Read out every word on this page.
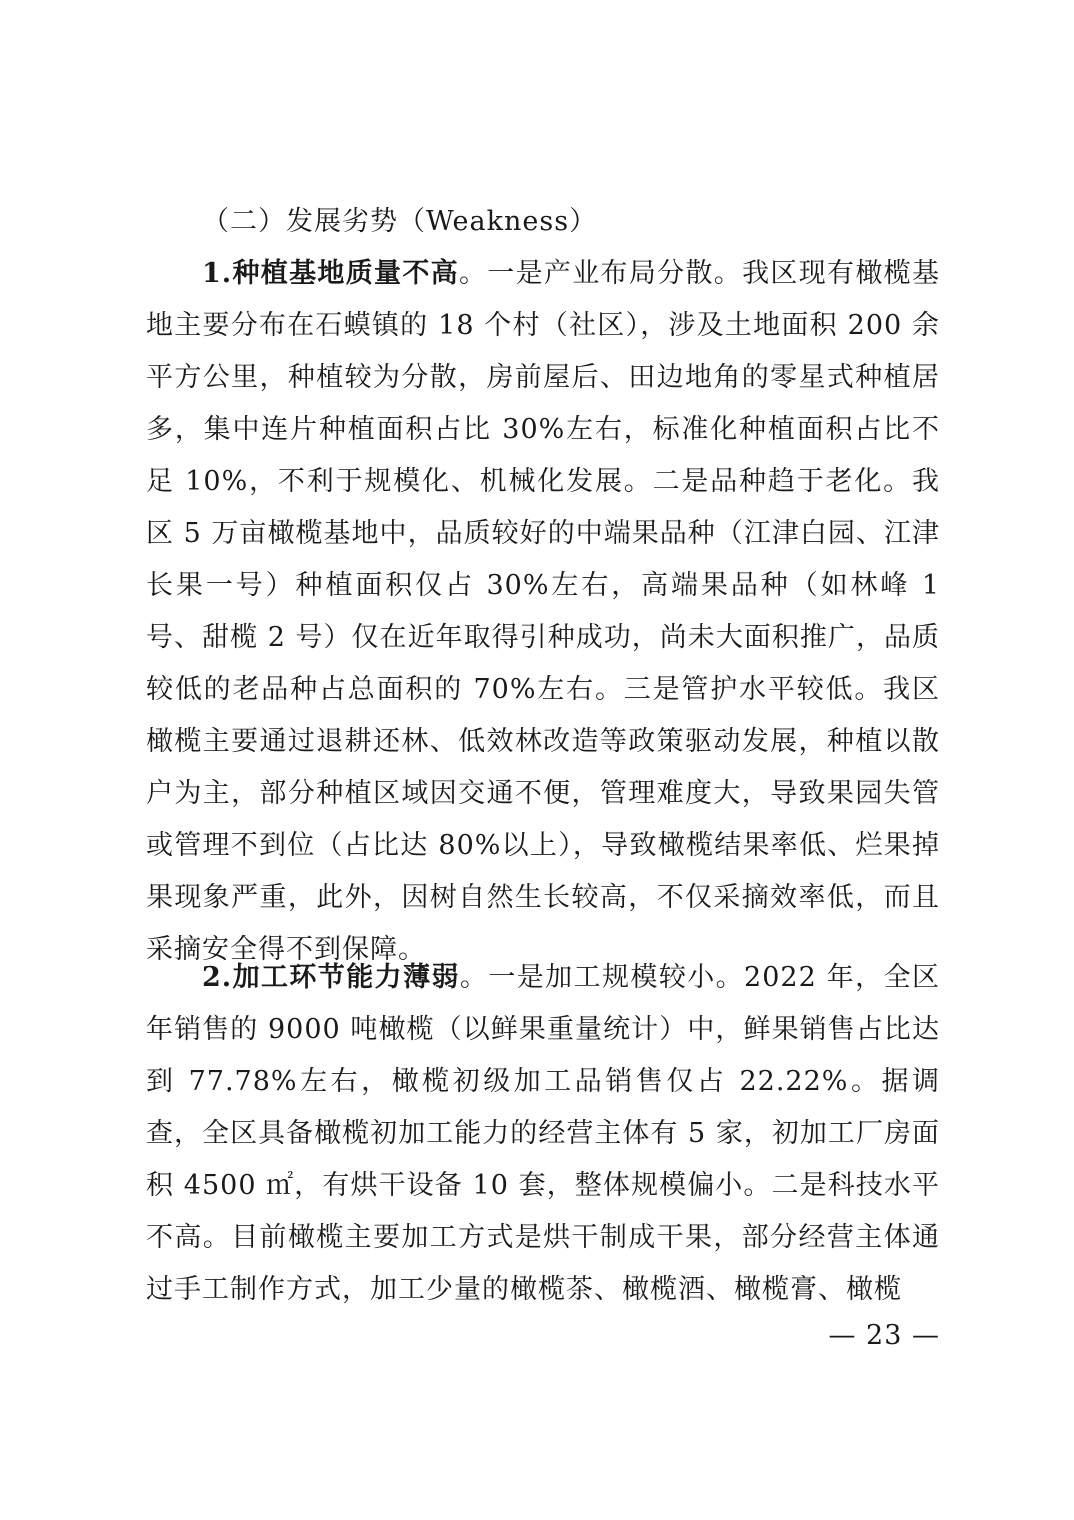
（二）发展劣势（Weakness）
1.种植基地质量不高。一是产业布局分散。我区现有橄榄基地主要分布在石蟆镇的 18 个村（社区），涉及土地面积 200 余平方公里，种植较为分散，房前屋后、田边地角的零星式种植居多，集中连片种植面积占比 30%左右，标准化种植面积占比不足 10%，不利于规模化、机械化发展。二是品种趋于老化。我区 5 万亩橄榄基地中，品质较好的中端果品种（江津白园、江津长果一号）种植面积仅占 30%左右，高端果品种（如林峰 1 号、甜榄 2 号）仅在近年取得引种成功，尚未大面积推广，品质较低的老品种占总面积的 70%左右。三是管护水平较低。我区橄榄主要通过退耕还林、低效林改造等政策驱动发展，种植以散户为主，部分种植区域因交通不便，管理难度大，导致果园失管或管理不到位（占比达 80%以上），导致橄榄结果率低、烂果掉果现象严重，此外，因树自然生长较高，不仅采摘效率低，而且采摘安全得不到保障。
2.加工环节能力薄弱。一是加工规模较小。2022 年，全区年销售的 9000 吨橄榄（以鲜果重量统计）中，鲜果销售占比达到 77.78%左右，橄榄初级加工品销售仅占 22.22%。据调查，全区具备橄榄初加工能力的经营主体有 5 家，初加工厂房面积 4500 ㎡，有烘干设备 10 套，整体规模偏小。二是科技水平不高。目前橄榄主要加工方式是烘干制成干果，部分经营主体通过手工制作方式，加工少量的橄榄茶、橄榄酒、橄榄膏、橄榄
— 23 —
